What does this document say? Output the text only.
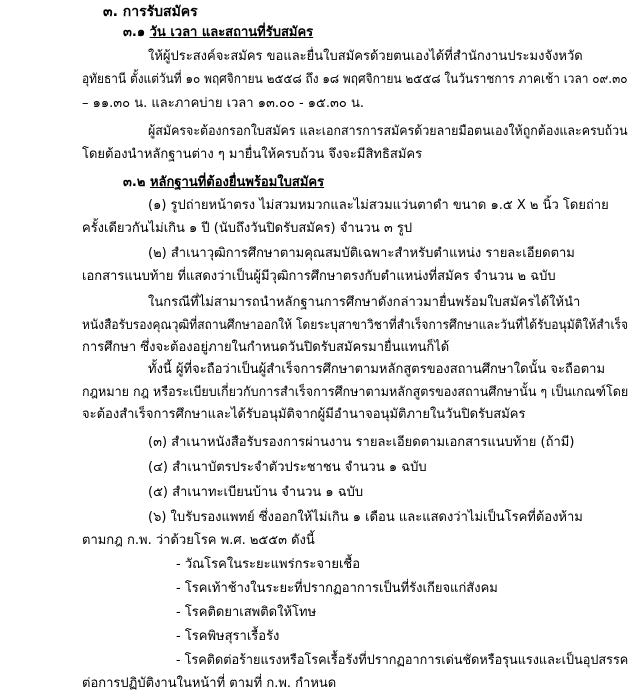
๓. การรับสมัคร
๓.๑ วัน เวลา และสถานที่รับสมัคร
ให้ผู้ประสงค์จะสมัคร ขอและยื่นใบสมัครด้วยตนเองได้ที่สำนักงานประมงจังหวัด
อุทัยธานี ตั้งแต่วันที่ ๑๐ พฤศจิกายน ๒๕๕๘ ถึง ๑๘ พฤศจิกายน ๒๕๕๘ ในวันราชการ ภาคเช้า เวลา ๐๙.๓๐
– ๑๑.๓๐ น. และภาคบ่าย เวลา ๑๓.๐๐ - ๑๕.๓๐ น.
ผู้สมัครจะต้องกรอกใบสมัคร และเอกสารการสมัครด้วยลายมือตนเองให้ถูกต้องและครบถ้วน
โดยต้องนำหลักฐานต่าง ๆ มายื่นให้ครบถ้วน จึงจะมีสิทธิสมัคร
๓.๒ หลักฐานที่ต้องยื่นพร้อมใบสมัคร
(๑) รูปถ่ายหน้าตรง ไม่สวมหมวกและไม่สวมแว่นตาดำ ขนาด ๑.๕ X ๒ นิ้ว โดยถ่าย
ครั้งเดียวกันไม่เกิน ๑ ปี (นับถึงวันปิดรับสมัคร) จำนวน ๓ รูป
(๒) สำเนาวุฒิการศึกษาตามคุณสมบัติเฉพาะสำหรับตำแหน่ง รายละเอียดตาม
เอกสารแนบท้าย ที่แสดงว่าเป็นผู้มีวุฒิการศึกษาตรงกับตำแหน่งที่สมัคร จำนวน ๒ ฉบับ
ในกรณีที่ไม่สามารถนำหลักฐานการศึกษาดังกล่าวมายื่นพร้อมใบสมัครได้ให้นำ
หนังสือรับรองคุณวุฒิที่สถานศึกษาออกให้ โดยระบุสาขาวิชาที่สำเร็จการศึกษาและวันที่ได้รับอนุมัติให้สำเร็จ
การศึกษา ซึ่งจะต้องอยู่ภายในกำหนดวันปิดรับสมัครมายื่นแทนก็ได้
ทั้งนี้ ผู้ที่จะถือว่าเป็นผู้สำเร็จการศึกษาตามหลักสูตรของสถานศึกษาใดนั้น จะถือตาม
กฎหมาย กฎ หรือระเบียบเกี่ยวกับการสำเร็จการศึกษาตามหลักสูตรของสถานศึกษานั้น ๆ เป็นเกณฑ์โดย
จะต้องสำเร็จการศึกษาและได้รับอนุมัติจากผู้มีอำนาจอนุมัติภายในวันปิดรับสมัคร
(๓) สำเนาหนังสือรับรองการผ่านงาน รายละเอียดตามเอกสารแนบท้าย (ถ้ามี)
(๔) สำเนาบัตรประจำตัวประชาชน จำนวน ๑ ฉบับ
(๕) สำเนาทะเบียนบ้าน จำนวน ๑ ฉบับ
(๖) ใบรับรองแพทย์ ซึ่งออกให้ไม่เกิน ๑ เดือน และแสดงว่าไม่เป็นโรคที่ต้องห้าม
ตามกฎ ก.พ. ว่าด้วยโรค พ.ศ. ๒๕๕๓ ดังนี้
- วัณโรคในระยะแพร่กระจายเชื้อ
- โรคเท้าช้างในระยะที่ปรากฏอาการเป็นที่รังเกียจแก่สังคม
- โรคติดยาเสพติดให้โทษ
- โรคพิษสุราเรื้อรัง
- โรคติดต่อร้ายแรงหรือโรคเรื้อรังที่ปรากฏอาการเด่นชัดหรือรุนแรงและเป็นอุปสรรค
ต่อการปฏิบัติงานในหน้าที่ ตามที่ ก.พ. กำหนด
